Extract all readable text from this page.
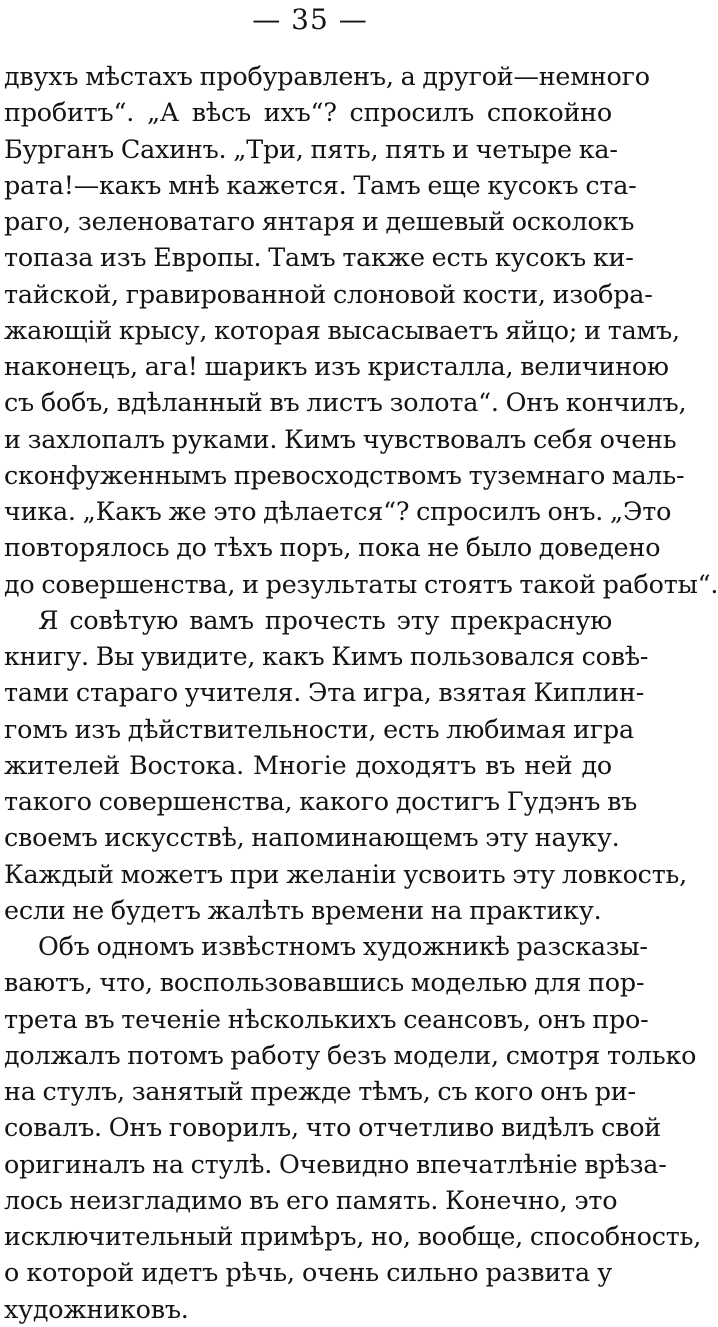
— 35 —
двухъ мѣстахъ пробуравленъ, а другой—немного
пробитъ“. „А вѣсъ ихъ“? спросилъ спокойно
Бурганъ Сахинъ. „Три, пять, пять и четыре ка-
рата!—какъ мнѣ кажется. Тамъ еще кусокъ ста-
раго, зеленоватаго янтаря и дешевый осколокъ
топаза изъ Европы. Тамъ также есть кусокъ ки-
тайской, гравированной слоновой кости, изобра-
жающiй крысу, которая высасываетъ яйцо; и тамъ,
наконецъ, ага! шарикъ изъ кристалла, величиною
съ бобъ, вдѣланный въ листъ золота“. Онъ кончилъ,
и захлопалъ руками. Кимъ чувствовалъ себя очень
сконфуженнымъ превосходствомъ туземнаго маль-
чика. „Какъ же это дѣлается“? спросилъ онъ. „Это
повторялось до тѣхъ поръ, пока не было доведено
до совершенства, и результаты стоятъ такой работы“.
Я совѣтую вамъ прочесть эту прекрасную
книгу. Вы увидите, какъ Кимъ пользовался совѣ-
тами стараго учителя. Эта игра, взятая Киплин-
гомъ изъ дѣйствительности, есть любимая игра
жителей Востока. Многiе доходятъ въ ней до
такого совершенства, какого достигъ Гудэнъ въ
своемъ искусствѣ, напоминающемъ эту науку.
Каждый можетъ при желанiи усвоить эту ловкость,
если не будетъ жалѣть времени на практику.
Объ одномъ извѣстномъ художникѣ разсказы-
ваютъ, что, воспользовавшись моделью для пор-
трета въ теченiе нѣсколькихъ сеансовъ, онъ про-
должалъ потомъ работу безъ модели, смотря только
на стулъ, занятый прежде тѣмъ, съ кого онъ ри-
совалъ. Онъ говорилъ, что отчетливо видѣлъ свой
оригиналъ на стулѣ. Очевидно впечатлѣнiе врѣза-
лось неизгладимо въ его память. Конечно, это
исключительный примѣръ, но, вообще, способность,
о которой идетъ рѣчь, очень сильно развита у
художниковъ.
